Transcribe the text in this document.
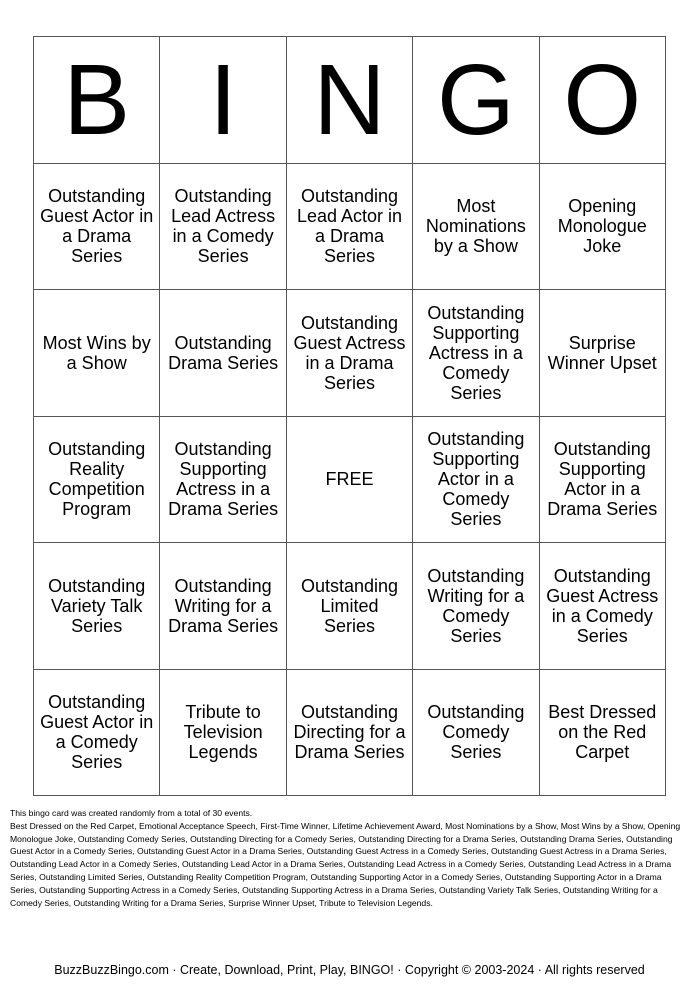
B I N G O
Outstanding Guest Actor in a Drama Series
Outstanding Lead Actress in a Comedy Series
Outstanding Lead Actor in a Drama Series
Most Nominations by a Show
Opening Monologue Joke
Most Wins by a Show
Outstanding Drama Series
Outstanding Guest Actress in a Drama Series
Outstanding Supporting Actress in a Comedy Series
Surprise Winner Upset
Outstanding Reality Competition Program
Outstanding Supporting Actress in a Drama Series
FREE
Outstanding Supporting Actor in a Comedy Series
Outstanding Supporting Actor in a Drama Series
Outstanding Variety Talk Series
Outstanding Writing for a Drama Series
Outstanding Limited Series
Outstanding Writing for a Comedy Series
Outstanding Guest Actress in a Comedy Series
Outstanding Guest Actor in a Comedy Series
Tribute to Television Legends
Outstanding Directing for a Drama Series
Outstanding Comedy Series
Best Dressed on the Red Carpet

This bingo card was created randomly from a total of 30 events.

Best Dressed on the Red Carpet, Emotional Acceptance Speech, First-Time Winner, Lifetime Achievement Award, Most Nominations by a Show, Most Wins by a Show, Opening Monologue Joke, Outstanding Comedy Series, Outstanding Directing for a Comedy Series, Outstanding Directing for a Drama Series, Outstanding Drama Series, Outstanding Guest Actor in a Comedy Series, Outstanding Guest Actor in a Drama Series, Outstanding Guest Actress in a Comedy Series, Outstanding Guest Actress in a Drama Series, Outstanding Lead Actor in a Comedy Series, Outstanding Lead Actor in a Drama Series, Outstanding Lead Actress in a Comedy Series, Outstanding Lead Actress in a Drama Series, Outstanding Limited Series, Outstanding Reality Competition Program, Outstanding Supporting Actor in a Comedy Series, Outstanding Supporting Actor in a Drama Series, Outstanding Supporting Actress in a Comedy Series, Outstanding Supporting Actress in a Drama Series, Outstanding Variety Talk Series, Outstanding Writing for a Comedy Series, Outstanding Writing for a Drama Series, Surprise Winner Upset, Tribute to Television Legends.

BuzzBuzzBingo.com · Create, Download, Print, Play, BINGO! · Copyright © 2003-2024 · All rights reserved
